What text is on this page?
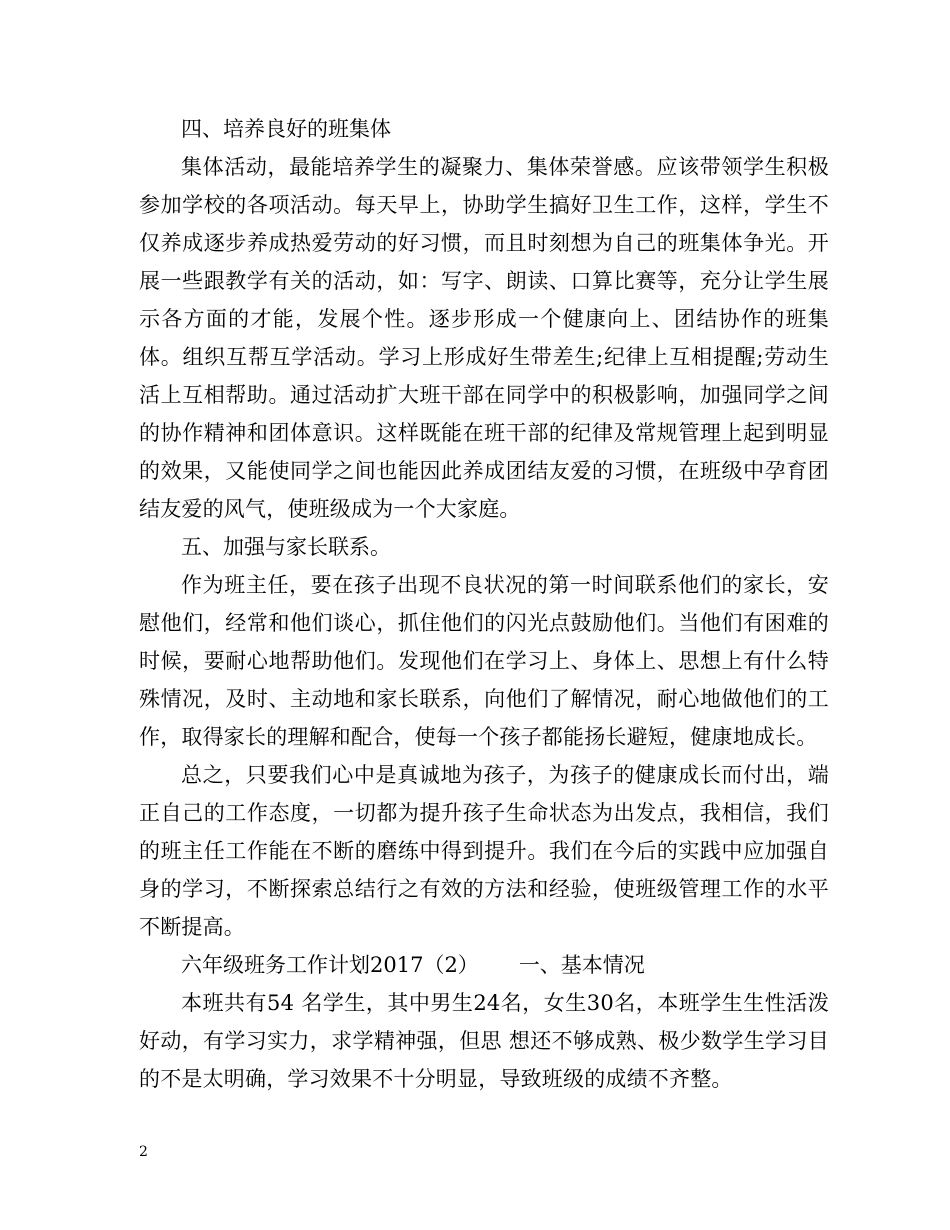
四、培养良好的班集体

集体活动，最能培养学生的凝聚力、集体荣誉感。应该带领学生积极参加学校的各项活动。每天早上，协助学生搞好卫生工作，这样，学生不仅养成逐步养成热爱劳动的好习惯，而且时刻想为自己的班集体争光。开展一些跟教学有关的活动，如：写字、朗读、口算比赛等，充分让学生展示各方面的才能，发展个性。逐步形成一个健康向上、团结协作的班集体。组织互帮互学活动。学习上形成好生带差生;纪律上互相提醒;劳动生活上互相帮助。通过活动扩大班干部在同学中的积极影响，加强同学之间的协作精神和团体意识。这样既能在班干部的纪律及常规管理上起到明显的效果，又能使同学之间也能因此养成团结友爱的习惯，在班级中孕育团结友爱的风气，使班级成为一个大家庭。

五、加强与家长联系。

作为班主任，要在孩子出现不良状况的第一时间联系他们的家长，安慰他们，经常和他们谈心，抓住他们的闪光点鼓励他们。当他们有困难的时候，要耐心地帮助他们。发现他们在学习上、身体上、思想上有什么特殊情况，及时、主动地和家长联系，向他们了解情况，耐心地做他们的工作，取得家长的理解和配合，使每一个孩子都能扬长避短，健康地成长。

总之，只要我们心中是真诚地为孩子，为孩子的健康成长而付出，端正自己的工作态度，一切都为提升孩子生命状态为出发点，我相信，我们的班主任工作能在不断的磨练中得到提升。我们在今后的实践中应加强自身的学习，不断探索总结行之有效的方法和经验，使班级管理工作的水平不断提高。

六年级班务工作计划2017（2） 一、基本情况

本班共有54 名学生，其中男生24名，女生30名，本班学生生性活泼好动，有学习实力，求学精神强，但思 想还不够成熟、极少数学生学习目的不是太明确，学习效果不十分明显，导致班级的成绩不齐整。

2
